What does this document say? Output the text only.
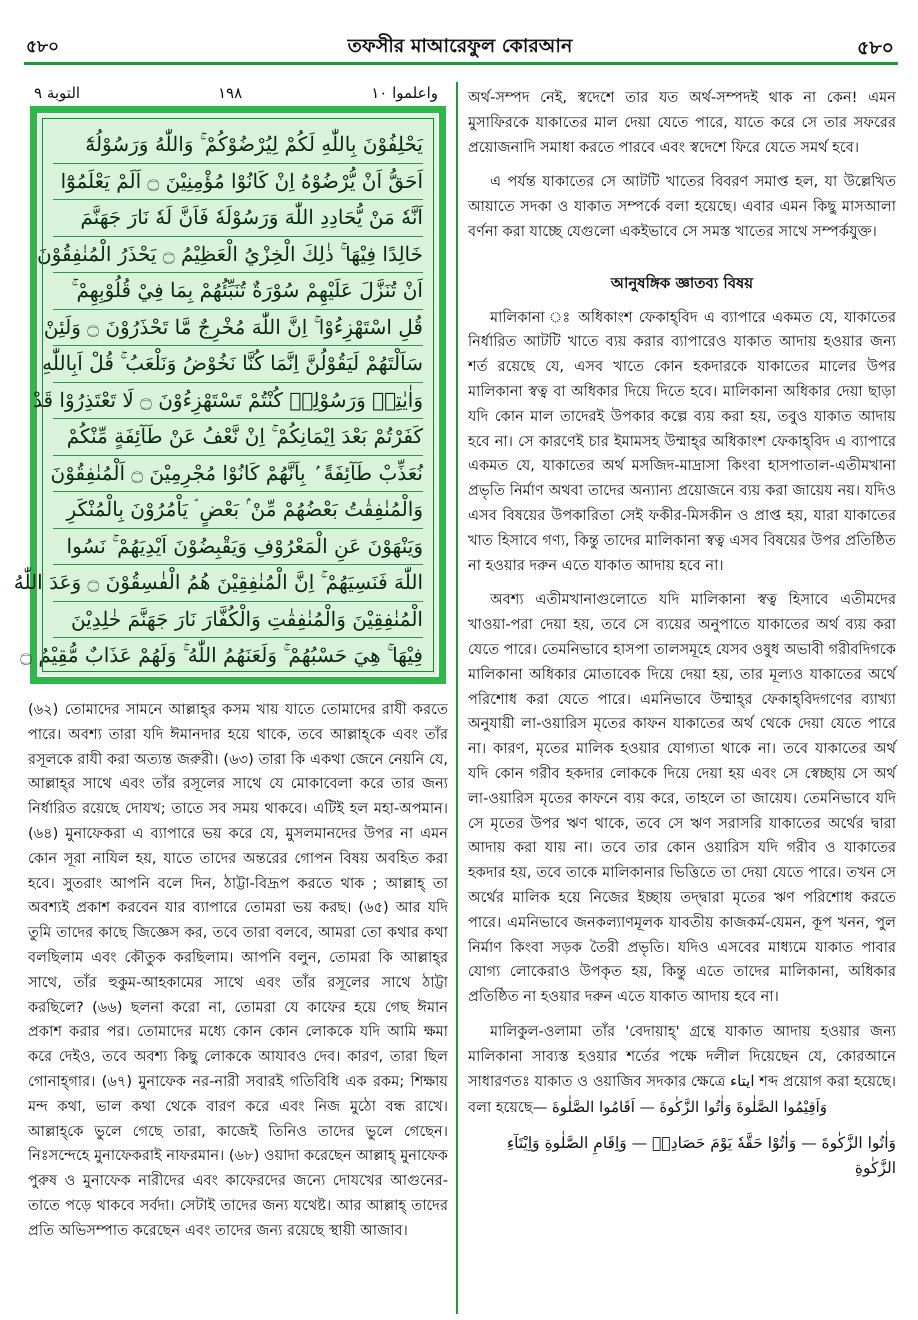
৫৮০	তফসীর মাআরেফুল কোরআন	৫৮০
التوبة ٩	١٩٨	واعلموا ١٠
يَحْلِفُوْنَ بِاللّٰهِ لَكُمْ لِيُرْضُوْكُمْ ۚ وَاللّٰهُ وَرَسُوْلُهٗٓ
اَحَقُّ اَنْ يُّرْضُوْهُ اِنْ كَانُوْا مُؤْمِنِيْنَ ۝ اَلَمْ يَعْلَمُوْٓا
اَنَّهٗ مَنْ يُّحَادِدِ اللّٰهَ وَرَسُوْلَهٗ فَاَنَّ لَهٗ نَارَ جَهَنَّمَ
خَالِدًا فِيْهَا ۚ ذٰلِكَ الْخِزْيُ الْعَظِيْمُ ۝ يَحْذَرُ الْمُنٰفِقُوْنَ
اَنْ تُنَزَّلَ عَلَيْهِمْ سُوْرَةٌ تُنَبِّئُهُمْ بِمَا فِيْ قُلُوْبِهِمْ ۚ
قُلِ اسْتَهْزِءُوْا ۚ اِنَّ اللّٰهَ مُخْرِجٌ مَّا تَحْذَرُوْنَ ۝ وَلَئِنْ
سَاَلْتَهُمْ لَيَقُوْلُنَّ اِنَّمَا كُنَّا نَخُوْضُ وَنَلْعَبُ ۚ قُلْ اَبِاللّٰهِ
وَاٰيٰتِهٖ وَرَسُوْلِهٖ كُنْتُمْ تَسْتَهْزِءُوْنَ ۝ لَا تَعْتَذِرُوْا قَدْ
كَفَرْتُمْ بَعْدَ اِيْمَانِكُمْ ۚ اِنْ نَّعْفُ عَنْ طَآئِفَةٍ مِّنْكُمْ
نُعَذِّبْ طَآئِفَةً ۢ بِاَنَّهُمْ كَانُوْا مُجْرِمِيْنَ ۝ اَلْمُنٰفِقُوْنَ
وَالْمُنٰفِقٰتُ بَعْضُهُمْ مِّنْ ۢ بَعْضٍ ۘ يَاْمُرُوْنَ بِالْمُنْكَرِ
وَيَنْهَوْنَ عَنِ الْمَعْرُوْفِ وَيَقْبِضُوْنَ اَيْدِيَهُمْ ۚ نَسُوا
اللّٰهَ فَنَسِيَهُمْ ۚ اِنَّ الْمُنٰفِقِيْنَ هُمُ الْفٰسِقُوْنَ ۝ وَعَدَ اللّٰهُ
الْمُنٰفِقِيْنَ وَالْمُنٰفِقٰتِ وَالْكُفَّارَ نَارَ جَهَنَّمَ خٰلِدِيْنَ
فِيْهَا ۚ هِيَ حَسْبُهُمْ ۚ وَلَعَنَهُمُ اللّٰهُ ۚ وَلَهُمْ عَذَابٌ مُّقِيْمٌ ۝

(৬২) তোমাদের সামনে আল্লাহ্‌র কসম খায় যাতে তোমাদের রাযী করতে পারে। অবশ্য তারা যদি ঈমানদার হয়ে থাকে, তবে আল্লাহ্‌কে এবং তাঁর রসূলকে রাযী করা অত্যন্ত জরুরী। (৬৩) তারা কি একথা জেনে নেয়নি যে, আল্লাহ্‌র সাথে এবং তাঁর রসূলের সাথে যে মোকাবেলা করে তার জন্য নির্ধারিত রয়েছে দোযখ; তাতে সব সময় থাকবে। এটিই হল মহা-অপমান। (৬৪) মুনাফেকরা এ ব্যাপারে ভয় করে যে, মুসলমানদের উপর না এমন কোন সূরা নাযিল হয়, যাতে তাদের অন্তরের গোপন বিষয় অবহিত করা হবে। সুতরাং আপনি বলে দিন, ঠাট্টা-বিদ্রূপ করতে থাক ; আল্লাহ্‌ তা অবশ্যই প্রকাশ করবেন যার ব্যাপারে তোমরা ভয় করছ। (৬৫) আর যদি তুমি তাদের কাছে জিজ্ঞেস কর, তবে তারা বলবে, আমরা তো কথার কথা বলছিলাম এবং কৌতুক করছিলাম। আপনি বলুন, তোমরা কি আল্লাহ্‌র সাথে, তাঁর হুকুম-আহকামের সাথে এবং তাঁর রসূলের সাথে ঠাট্টা করছিলে? (৬৬) ছলনা করো না, তোমরা যে কাফের হয়ে গেছ ঈমান প্রকাশ করার পর। তোমাদের মধ্যে কোন কোন লোককে যদি আমি ক্ষমা করে দেইও, তবে অবশ্য কিছু লোককে আযাবও দেব। কারণ, তারা ছিল গোনাহ্‌গার। (৬৭) মুনাফেক নর-নারী সবারই গতিবিধি এক রকম; শিক্ষায় মন্দ কথা, ভাল কথা থেকে বারণ করে এবং নিজ মুঠো বন্ধ রাখে। আল্লাহ্‌কে ভুলে গেছে তারা, কাজেই তিনিও তাদের ভুলে গেছেন। নিঃসন্দেহে মুনাফেকরাই নাফরমান। (৬৮) ওয়াদা করেছেন আল্লাহ্‌ মুনাফেক পুরুষ ও মুনাফেক নারীদের এবং কাফেরদের জন্যে দোযখের আগুনের- তাতে পড়ে থাকবে সর্বদা। সেটাই তাদের জন্য যথেষ্ট। আর আল্লাহ্‌ তাদের প্রতি অভিসম্পাত করেছেন এবং তাদের জন্য রয়েছে স্থায়ী আজাব।

অর্থ-সম্পদ নেই, স্বদেশে তার যত অর্থ-সম্পদই থাক না কেন! এমন মুসাফিরকে যাকাতের মাল দেয়া যেতে পারে, যাতে করে সে তার সফরের প্রয়োজনাদি সমাধা করতে পারবে এবং স্বদেশে ফিরে যেতে সমর্থ হবে।

এ পর্যন্ত যাকাতের সে আটটি খাতের বিবরণ সমাপ্ত হল, যা উল্লেখিত আয়াতে সদকা ও যাকাত সম্পর্কে বলা হয়েছে। এবার এমন কিছু মাসআলা বর্ণনা করা যাচ্ছে যেগুলো একইভাবে সে সমস্ত খাতের সাথে সম্পর্কযুক্ত।

আনুষঙ্গিক জ্ঞাতব্য বিষয়

মালিকানা ঃ অধিকাংশ ফেকাহ্‌বিদ এ ব্যাপারে একমত যে, যাকাতের নির্ধারিত আটটি খাতে ব্যয় করার ব্যাপারেও যাকাত আদায় হওয়ার জন্য শর্ত রয়েছে যে, এসব খাতে কোন হকদারকে যাকাতের মালের উপর মালিকানা স্বত্ব বা অধিকার দিয়ে দিতে হবে। মালিকানা অধিকার দেয়া ছাড়া যদি কোন মাল তাদেরই উপকার কল্পে ব্যয় করা হয়, তবুও যাকাত আদায় হবে না। সে কারণেই চার ইমামসহ উম্মাহ্‌র অধিকাংশ ফেকাহ্‌বিদ এ ব্যাপারে একমত যে, যাকাতের অর্থ মসজিদ-মাদ্রাসা কিংবা হাসপাতাল-এতীমখানা প্রভৃতি নির্মাণ অথবা তাদের অন্যান্য প্রয়োজনে ব্যয় করা জায়েয নয়। যদিও এসব বিষয়ের উপকারিতা সেই ফকীর-মিসকীন ও প্রাপ্ত হয়, যারা যাকাতের খাত হিসাবে গণ্য, কিন্তু তাদের মালিকানা স্বত্ব এসব বিষয়ের উপর প্রতিষ্ঠিত না হওয়ার দরুন এতে যাকাত আদায় হবে না।

অবশ্য এতীমখানাগুলোতে যদি মালিকানা স্বত্ব হিসাবে এতীমদের খাওয়া-পরা দেয়া হয়, তবে সে ব্যয়ের অনুপাতে যাকাতের অর্থ ব্যয় করা যেতে পারে। তেমনিভাবে হাসপা তালসমূহে যেসব ওষুধ অভাবী গরীবদিগকে মালিকানা অধিকার মোতাবেক দিয়ে দেয়া হয়, তার মূল্যও যাকাতের অর্থে পরিশোধ করা যেতে পারে। এমনিভাবে উম্মাহ্‌র ফেকাহ্‌বিদগণের ব্যাখ্যা অনুযায়ী লা-ওয়ারিস মৃতের কাফন যাকাতের অর্থ থেকে দেয়া যেতে পারে না। কারণ, মৃতের মালিক হওয়ার যোগ্যতা থাকে না। তবে যাকাতের অর্থ যদি কোন গরীব হকদার লোককে দিয়ে দেয়া হয় এবং সে স্বেচ্ছায় সে অর্থ লা-ওয়ারিস মৃতের কাফনে ব্যয় করে, তাহলে তা জায়েয। তেমনিভাবে যদি সে মৃতের উপর ঋণ থাকে, তবে সে ঋণ সরাসরি যাকাতের অর্থের দ্বারা আদায় করা যায় না। তবে তার কোন ওয়ারিস যদি গরীব ও যাকাতের হকদার হয়, তবে তাকে মালিকানার ভিত্তিতে তা দেয়া যেতে পারে। তখন সে অর্থের মালিক হয়ে নিজের ইচ্ছায় তদ্দ্বারা মৃতের ঋণ পরিশোধ করতে পারে। এমনিভাবে জনকল্যাণমূলক যাবতীয় কাজকর্ম-যেমন, কূপ খনন, পুল নির্মাণ কিংবা সড়ক তৈরী প্রভৃতি। যদিও এসবের মাধ্যমে যাকাত পাবার যোগ্য লোকেরাও উপকৃত হয়, কিন্তু এতে তাদের মালিকানা, অধিকার প্রতিষ্ঠিত না হওয়ার দরুন এতে যাকাত আদায় হবে না।

মালিকুল-ওলামা তাঁর 'বেদায়াহ্‌' গ্রন্থে যাকাত আদায় হওয়ার জন্য মালিকানা সাব্যস্ত হওয়ার শর্তের পক্ষে দলীল দিয়েছেন যে, কোরআনে সাধারণতঃ যাকাত ও ওয়াজিব সদকার ক্ষেত্রে ايتاء শব্দ প্রয়োগ করা হয়েছে। বলা হয়েছে— وَاَقِيْمُوا الصَّلٰوةَ وَاٰتُوا الزَّكٰوةَ — اَقَامُوا الصَّلٰوةَ

وَاٰتُوا الزَّكٰوةَ — وَاٰتُوْا حَقَّهٗ يَوْمَ حَصَادِهٖ — وَاِقَامِ الصَّلٰوةِ وَاِيْتَآءِ الزَّكٰوةِ
